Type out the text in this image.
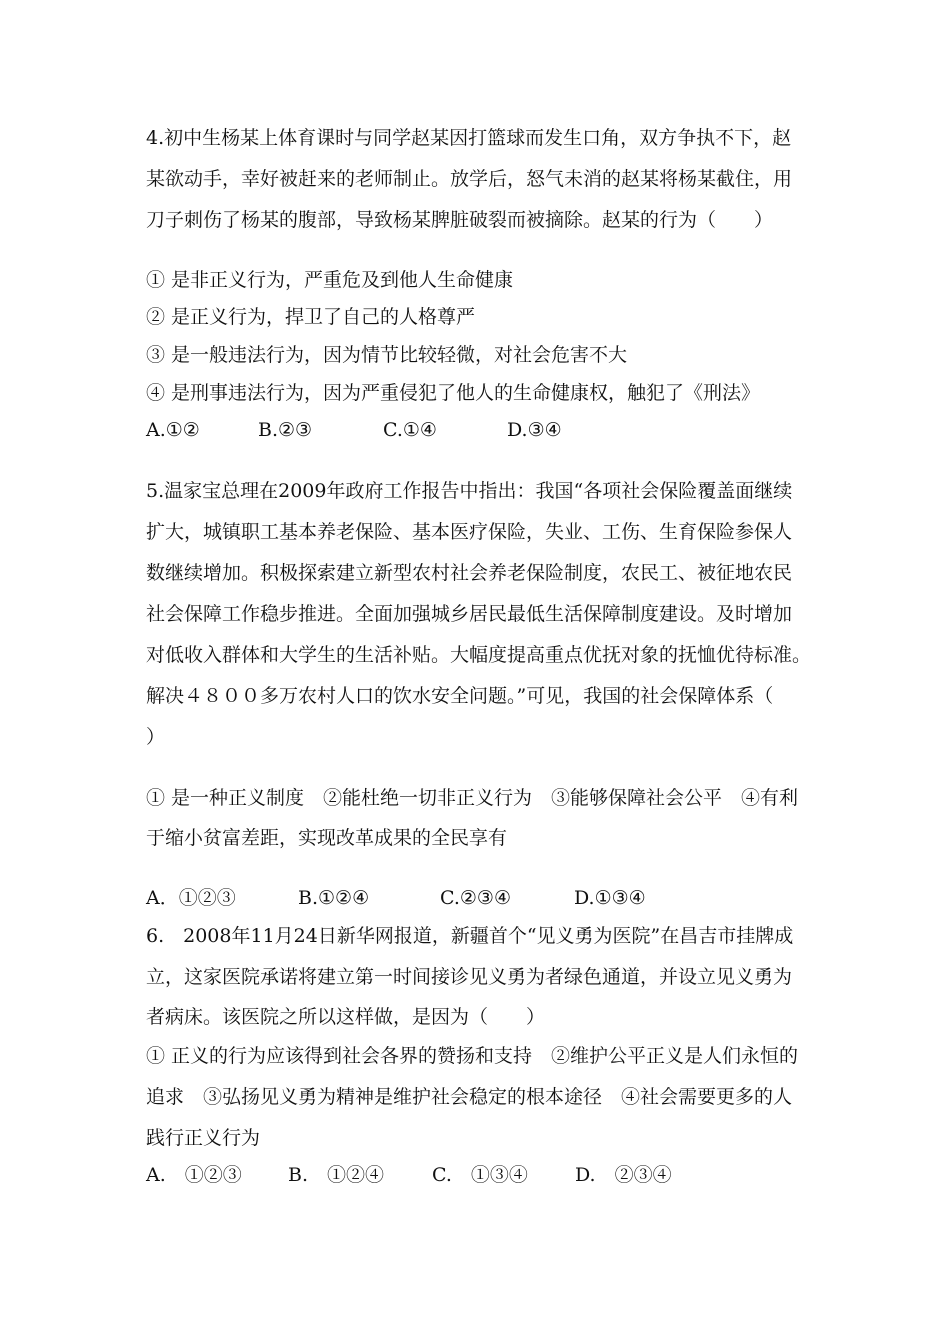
4.初中生杨某上体育课时与同学赵某因打篮球而发生口角，双方争执不下，赵
某欲动手，幸好被赶来的老师制止。放学后，怒气未消的赵某将杨某截住，用
刀子刺伤了杨某的腹部，导致杨某脾脏破裂而被摘除。赵某的行为（　　）
① 是非正义行为，严重危及到他人生命健康
② 是正义行为，捍卫了自己的人格尊严
③ 是一般违法行为，因为情节比较轻微，对社会危害不大
④ 是刑事违法行为，因为严重侵犯了他人的生命健康权，触犯了《刑法》
A.①②	B.②③	C.①④	D.③④
5.温家宝总理在2009年政府工作报告中指出：我国“各项社会保险覆盖面继续
扩大，城镇职工基本养老保险、基本医疗保险，失业、工伤、生育保险参保人
数继续增加。积极探索建立新型农村社会养老保险制度，农民工、被征地农民
社会保障工作稳步推进。全面加强城乡居民最低生活保障制度建设。及时增加
对低收入群体和大学生的生活补贴。大幅度提高重点优抚对象的抚恤优待标准。
解决４８００多万农村人口的饮水安全问题。”可见，我国的社会保障体系（
）
① 是一种正义制度　②能杜绝一切非正义行为　③能够保障社会公平　④有利
于缩小贫富差距，实现改革成果的全民享有
A．①②③	B.①②④	C.②③④	D.①③④
6.　2008年11月24日新华网报道，新疆首个“见义勇为医院”在昌吉市挂牌成
立，这家医院承诺将建立第一时间接诊见义勇为者绿色通道，并设立见义勇为
者病床。该医院之所以这样做，是因为（　　）
① 正义的行为应该得到社会各界的赞扬和支持　②维护公平正义是人们永恒的
追求　③弘扬见义勇为精神是维护社会稳定的根本途径　④社会需要更多的人
践行正义行为
A.　①②③ B.　①②④	C.　①③④ D.　②③④
